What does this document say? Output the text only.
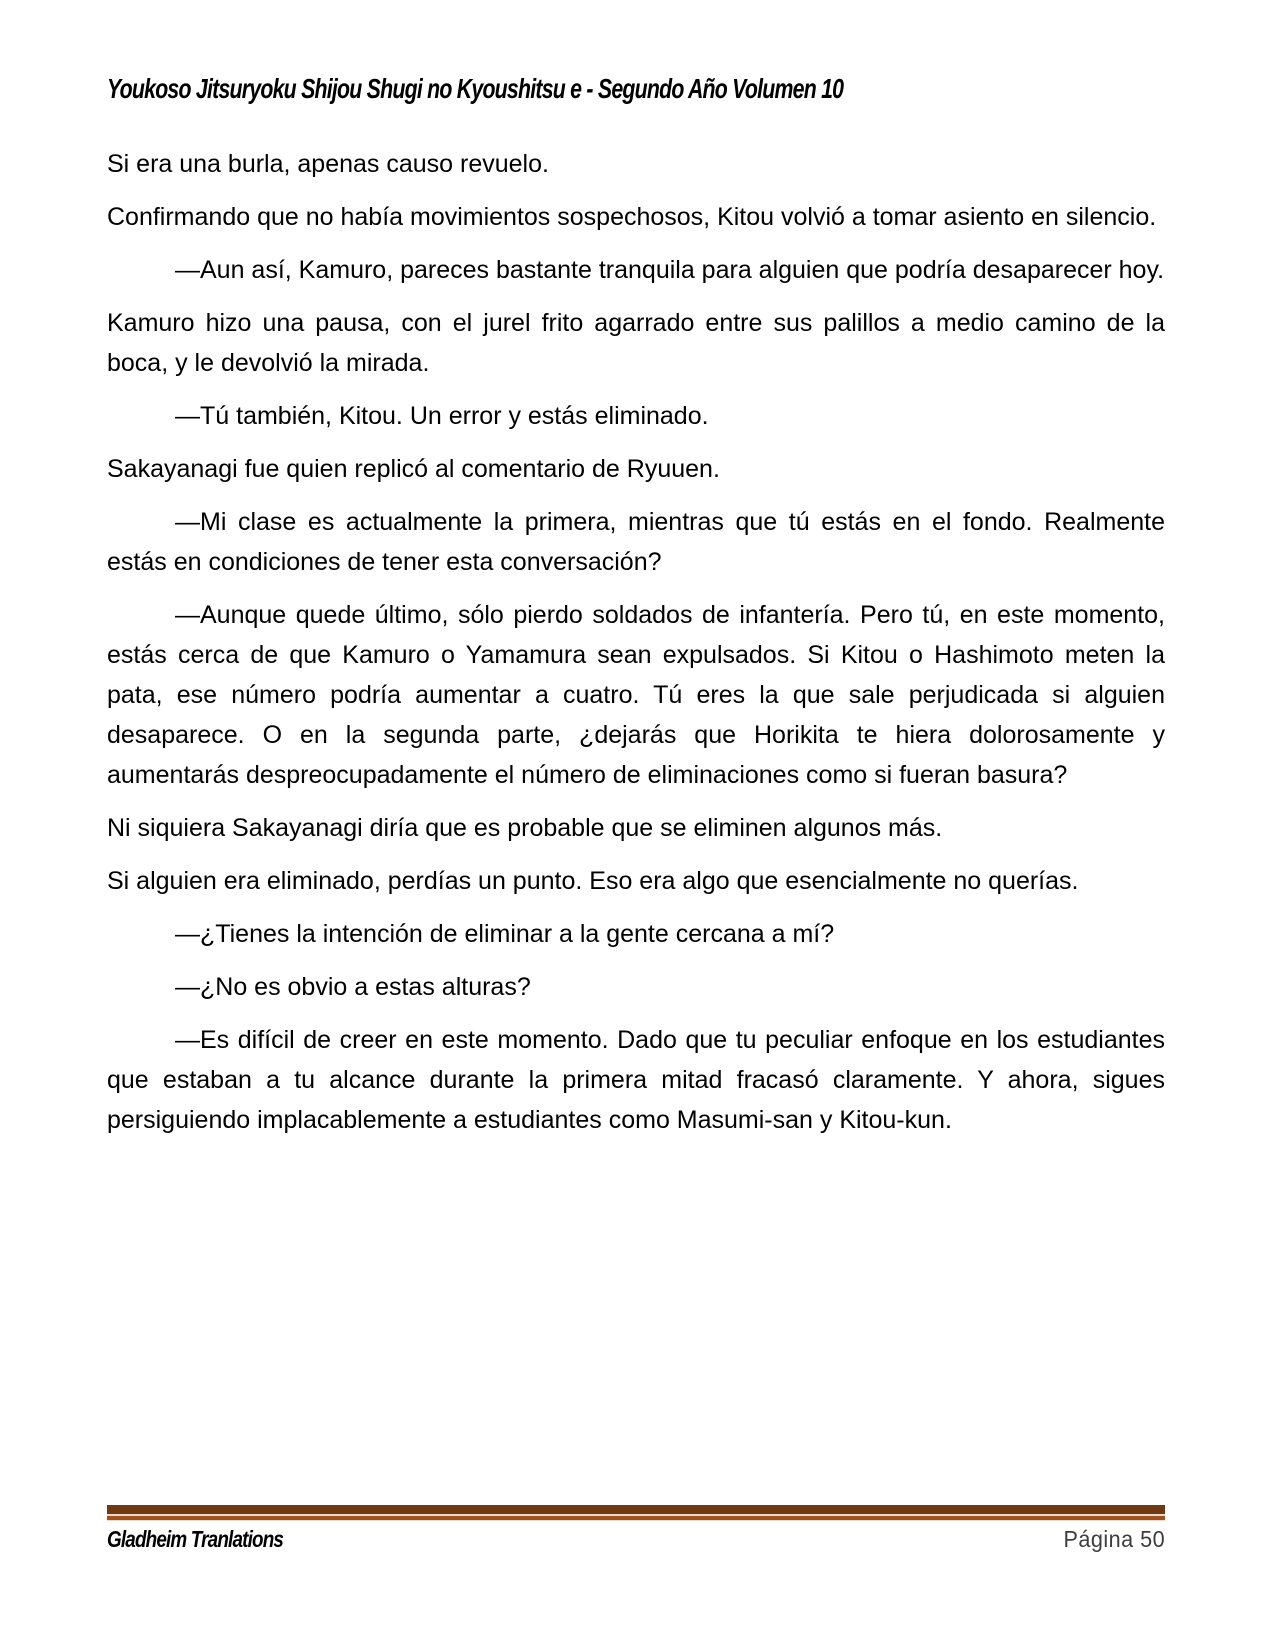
Youkoso Jitsuryoku Shijou Shugi no Kyoushitsu e - Segundo Año Volumen 10

Si era una burla, apenas causo revuelo.

Confirmando que no había movimientos sospechosos, Kitou volvió a tomar asiento en silencio.

—Aun así, Kamuro, pareces bastante tranquila para alguien que podría desaparecer hoy.

Kamuro hizo una pausa, con el jurel frito agarrado entre sus palillos a medio camino de la boca, y le devolvió la mirada.

—Tú también, Kitou. Un error y estás eliminado.

Sakayanagi fue quien replicó al comentario de Ryuuen.

—Mi clase es actualmente la primera, mientras que tú estás en el fondo. Realmente estás en condiciones de tener esta conversación?

—Aunque quede último, sólo pierdo soldados de infantería. Pero tú, en este momento, estás cerca de que Kamuro o Yamamura sean expulsados. Si Kitou o Hashimoto meten la pata, ese número podría aumentar a cuatro. Tú eres la que sale perjudicada si alguien desaparece. O en la segunda parte, ¿dejarás que Horikita te hiera dolorosamente y aumentarás despreocupadamente el número de eliminaciones como si fueran basura?

Ni siquiera Sakayanagi diría que es probable que se eliminen algunos más.

Si alguien era eliminado, perdías un punto. Eso era algo que esencialmente no querías.

—¿Tienes la intención de eliminar a la gente cercana a mí?

—¿No es obvio a estas alturas?

—Es difícil de creer en este momento. Dado que tu peculiar enfoque en los estudiantes que estaban a tu alcance durante la primera mitad fracasó claramente. Y ahora, sigues persiguiendo implacablemente a estudiantes como Masumi-san y Kitou-kun.

Gladheim Tranlations	Página 50
